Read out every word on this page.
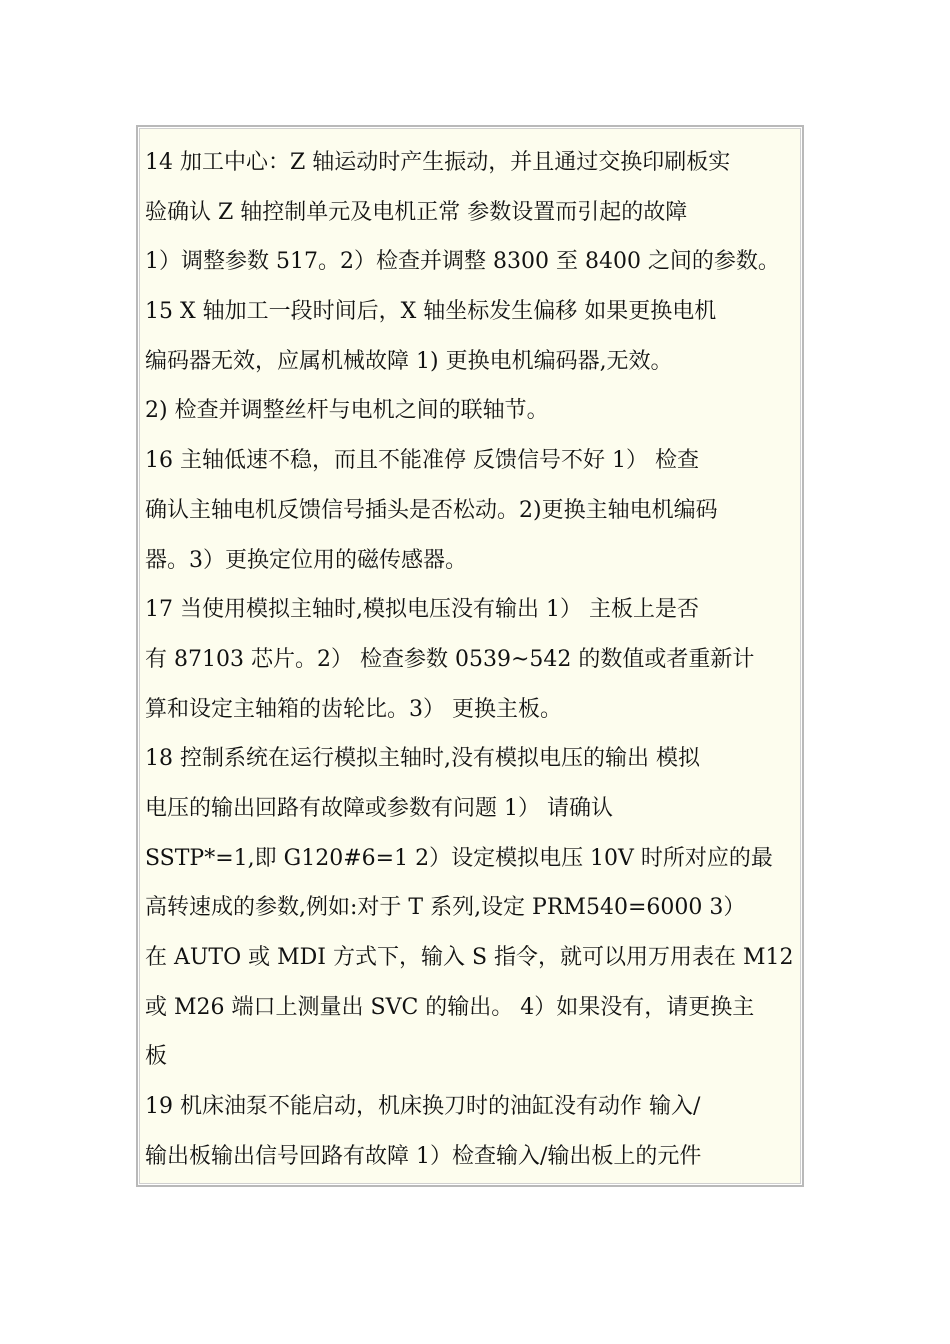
14 加工中心：Z 轴运动时产生振动，并且通过交换印刷板实
验确认 Z 轴控制单元及电机正常 参数设置而引起的故障
1）调整参数 517。2）检查并调整 8300 至 8400 之间的参数。
15 X 轴加工一段时间后，X 轴坐标发生偏移 如果更换电机
编码器无效，应属机械故障 1) 更换电机编码器,无效。
2) 检查并调整丝杆与电机之间的联轴节。
16 主轴低速不稳，而且不能准停 反馈信号不好 1） 检查
确认主轴电机反馈信号插头是否松动。2)更换主轴电机编码
器。3）更换定位用的磁传感器。
17 当使用模拟主轴时,模拟电压没有输出 1） 主板上是否
有 87103 芯片。2） 检查参数 0539~542 的数值或者重新计
算和设定主轴箱的齿轮比。3） 更换主板。
18 控制系统在运行模拟主轴时,没有模拟电压的输出 模拟
电压的输出回路有故障或参数有问题 1） 请确认
SSTP*=1,即 G120#6=1 2）设定模拟电压 10V 时所对应的最
高转速成的参数,例如:对于 T 系列,设定 PRM540=6000 3）
在 AUTO 或 MDI 方式下，输入 S 指令，就可以用万用表在 M12
或 M26 端口上测量出 SVC 的输出。 4）如果没有，请更换主
板
19 机床油泵不能启动，机床换刀时的油缸没有动作 输入/
输出板输出信号回路有故障 1）检查输入/输出板上的元件
